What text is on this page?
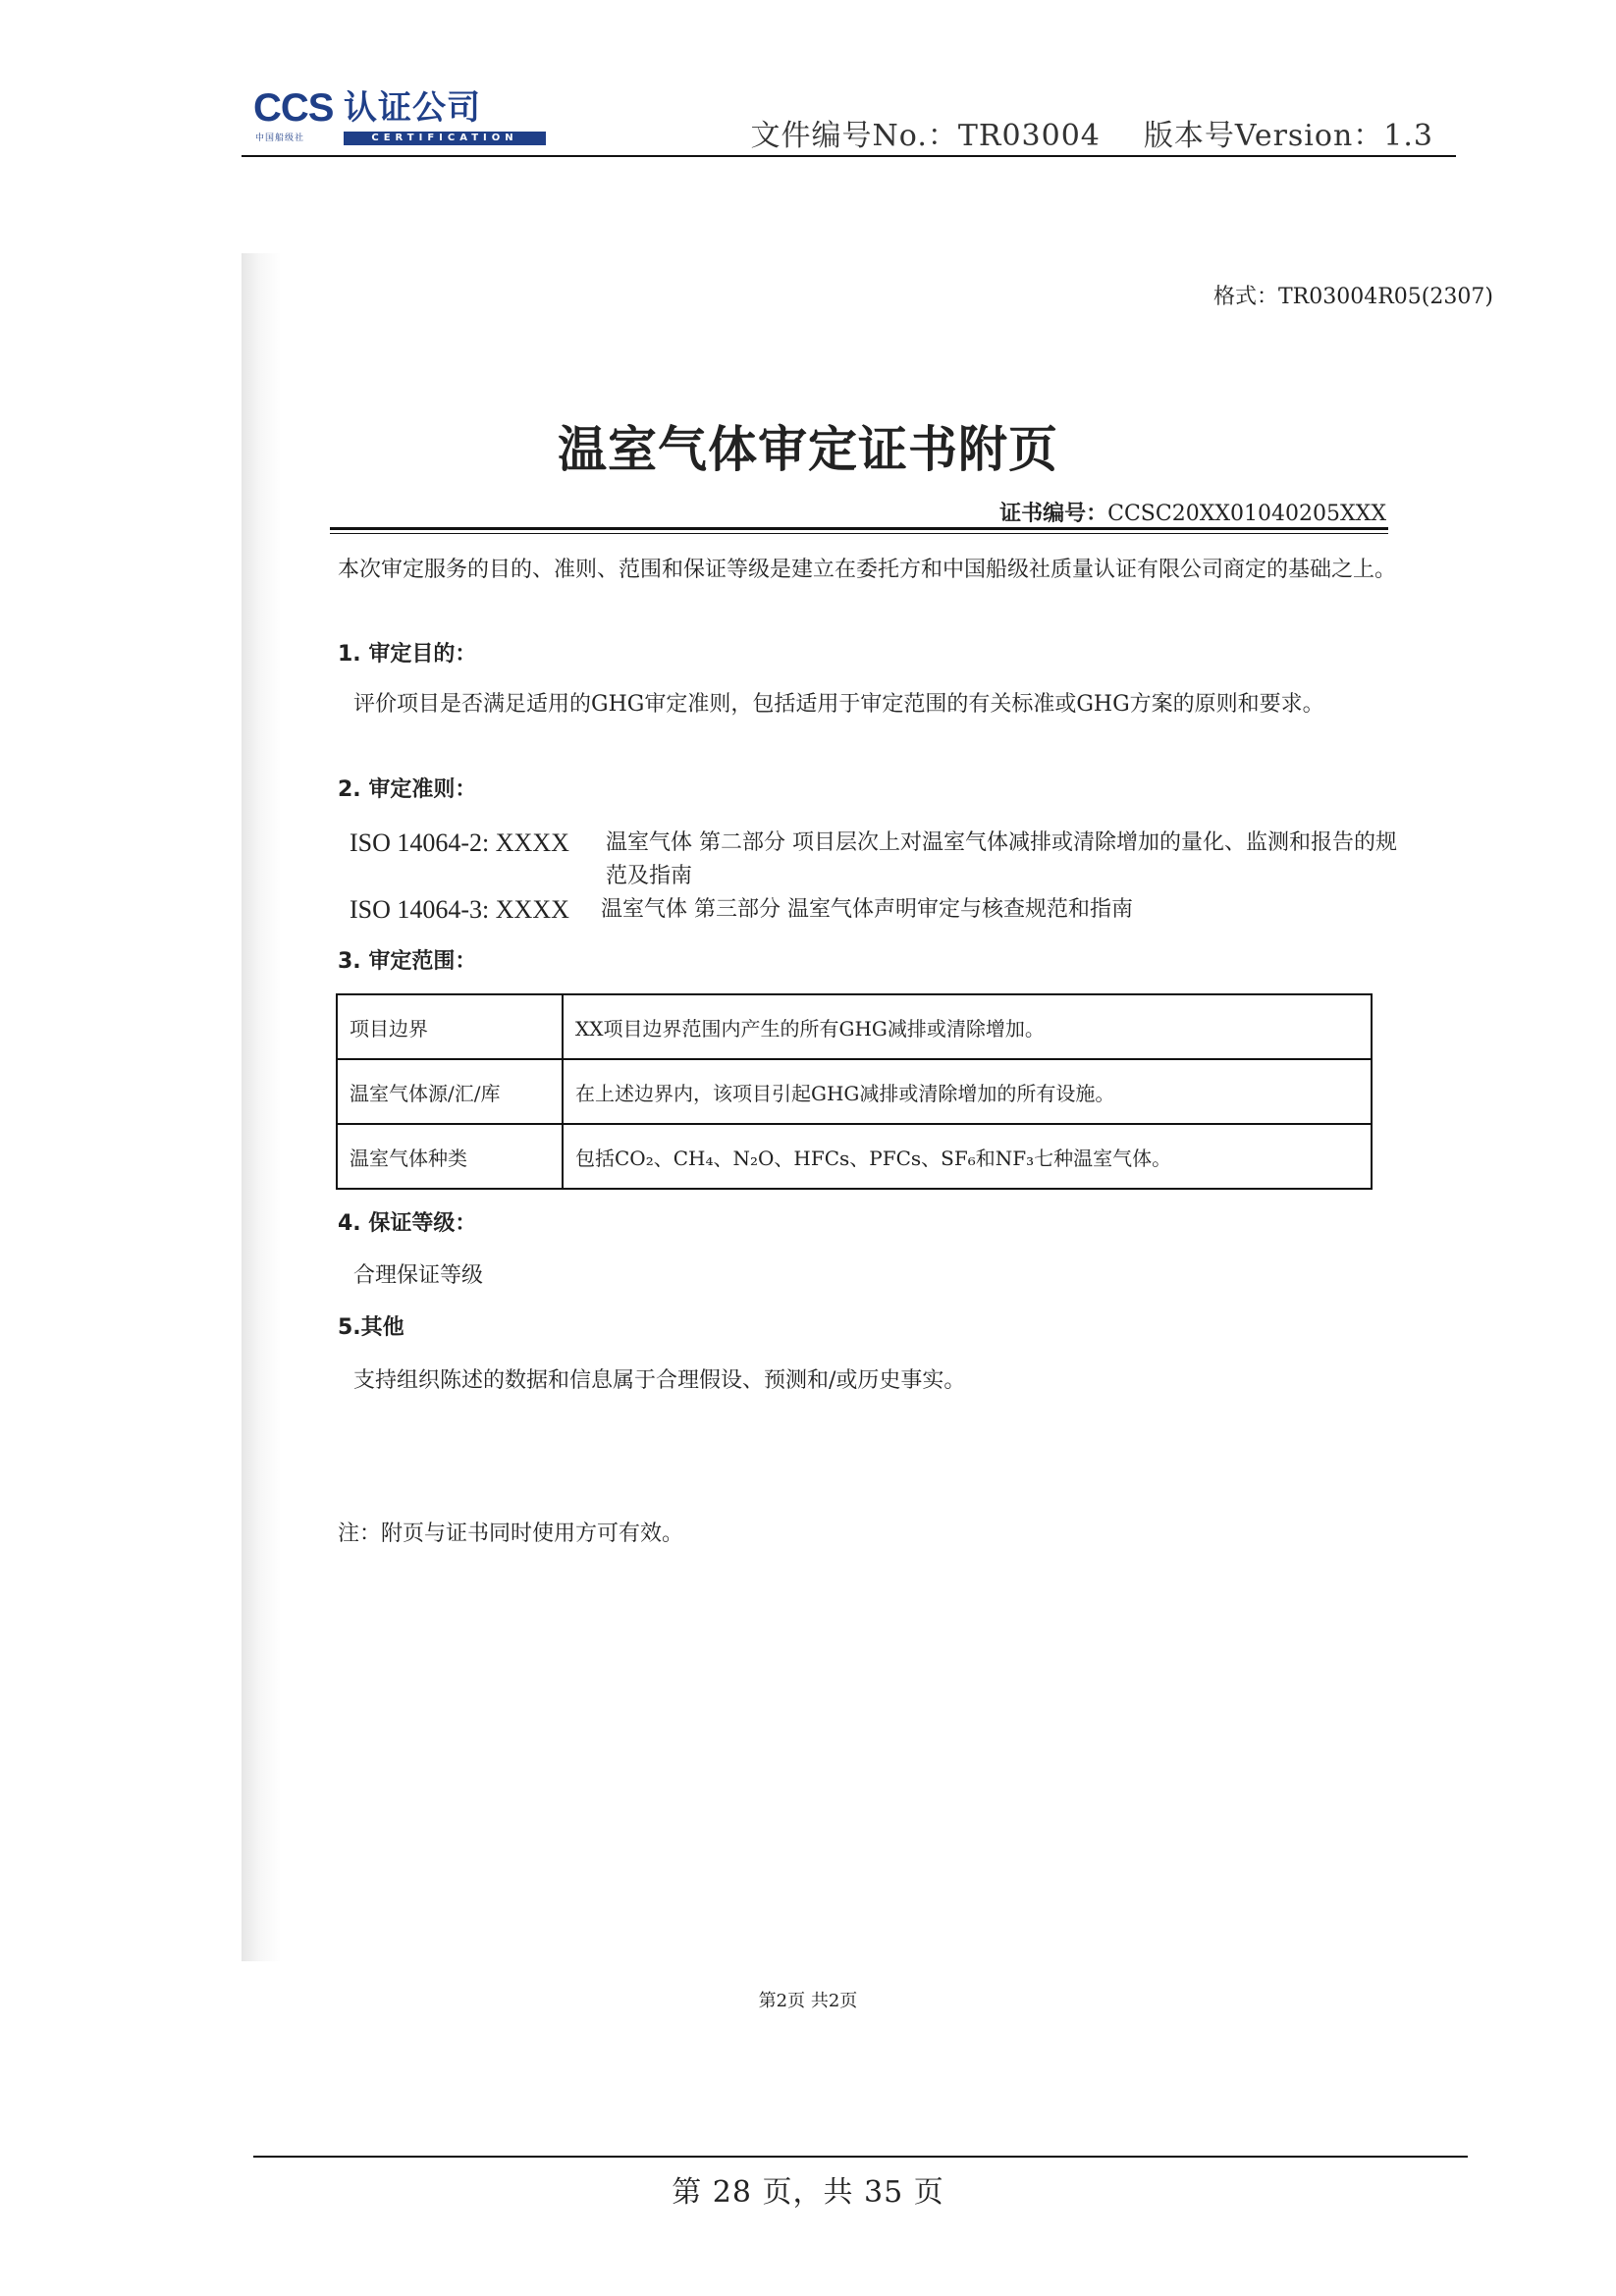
CCS 认证公司
中国船级社	CERTIFICATION	文件编号No.：TR03004 版本号Version：1.3
格式：TR03004R05(2307)
温室气体审定证书附页
证书编号：CCSC20XX01040205XXX
本次审定服务的目的、准则、范围和保证等级是建立在委托方和中国船级社质量认证有限公司商定的基础之上。
1. 审定目的：
评价项目是否满足适用的GHG审定准则，包括适用于审定范围的有关标准或GHG方案的原则和要求。
2. 审定准则：
ISO 14064-2: XXXX 温室气体 第二部分 项目层次上对温室气体减排或清除增加的量化、监测和报告的规范及指南
ISO 14064-3: XXXX 温室气体 第三部分 温室气体声明审定与核查规范和指南
3. 审定范围：
项目边界	XX项目边界范围内产生的所有GHG减排或清除增加。
温室气体源/汇/库	在上述边界内，该项目引起GHG减排或清除增加的所有设施。
温室气体种类	包括CO₂、CH₄、N₂O、HFCs、PFCs、SF₆和NF₃七种温室气体。
4. 保证等级：
合理保证等级
5.其他
支持组织陈述的数据和信息属于合理假设、预测和/或历史事实。
注：附页与证书同时使用方可有效。
第2页 共2页
第 28 页，共 35 页
